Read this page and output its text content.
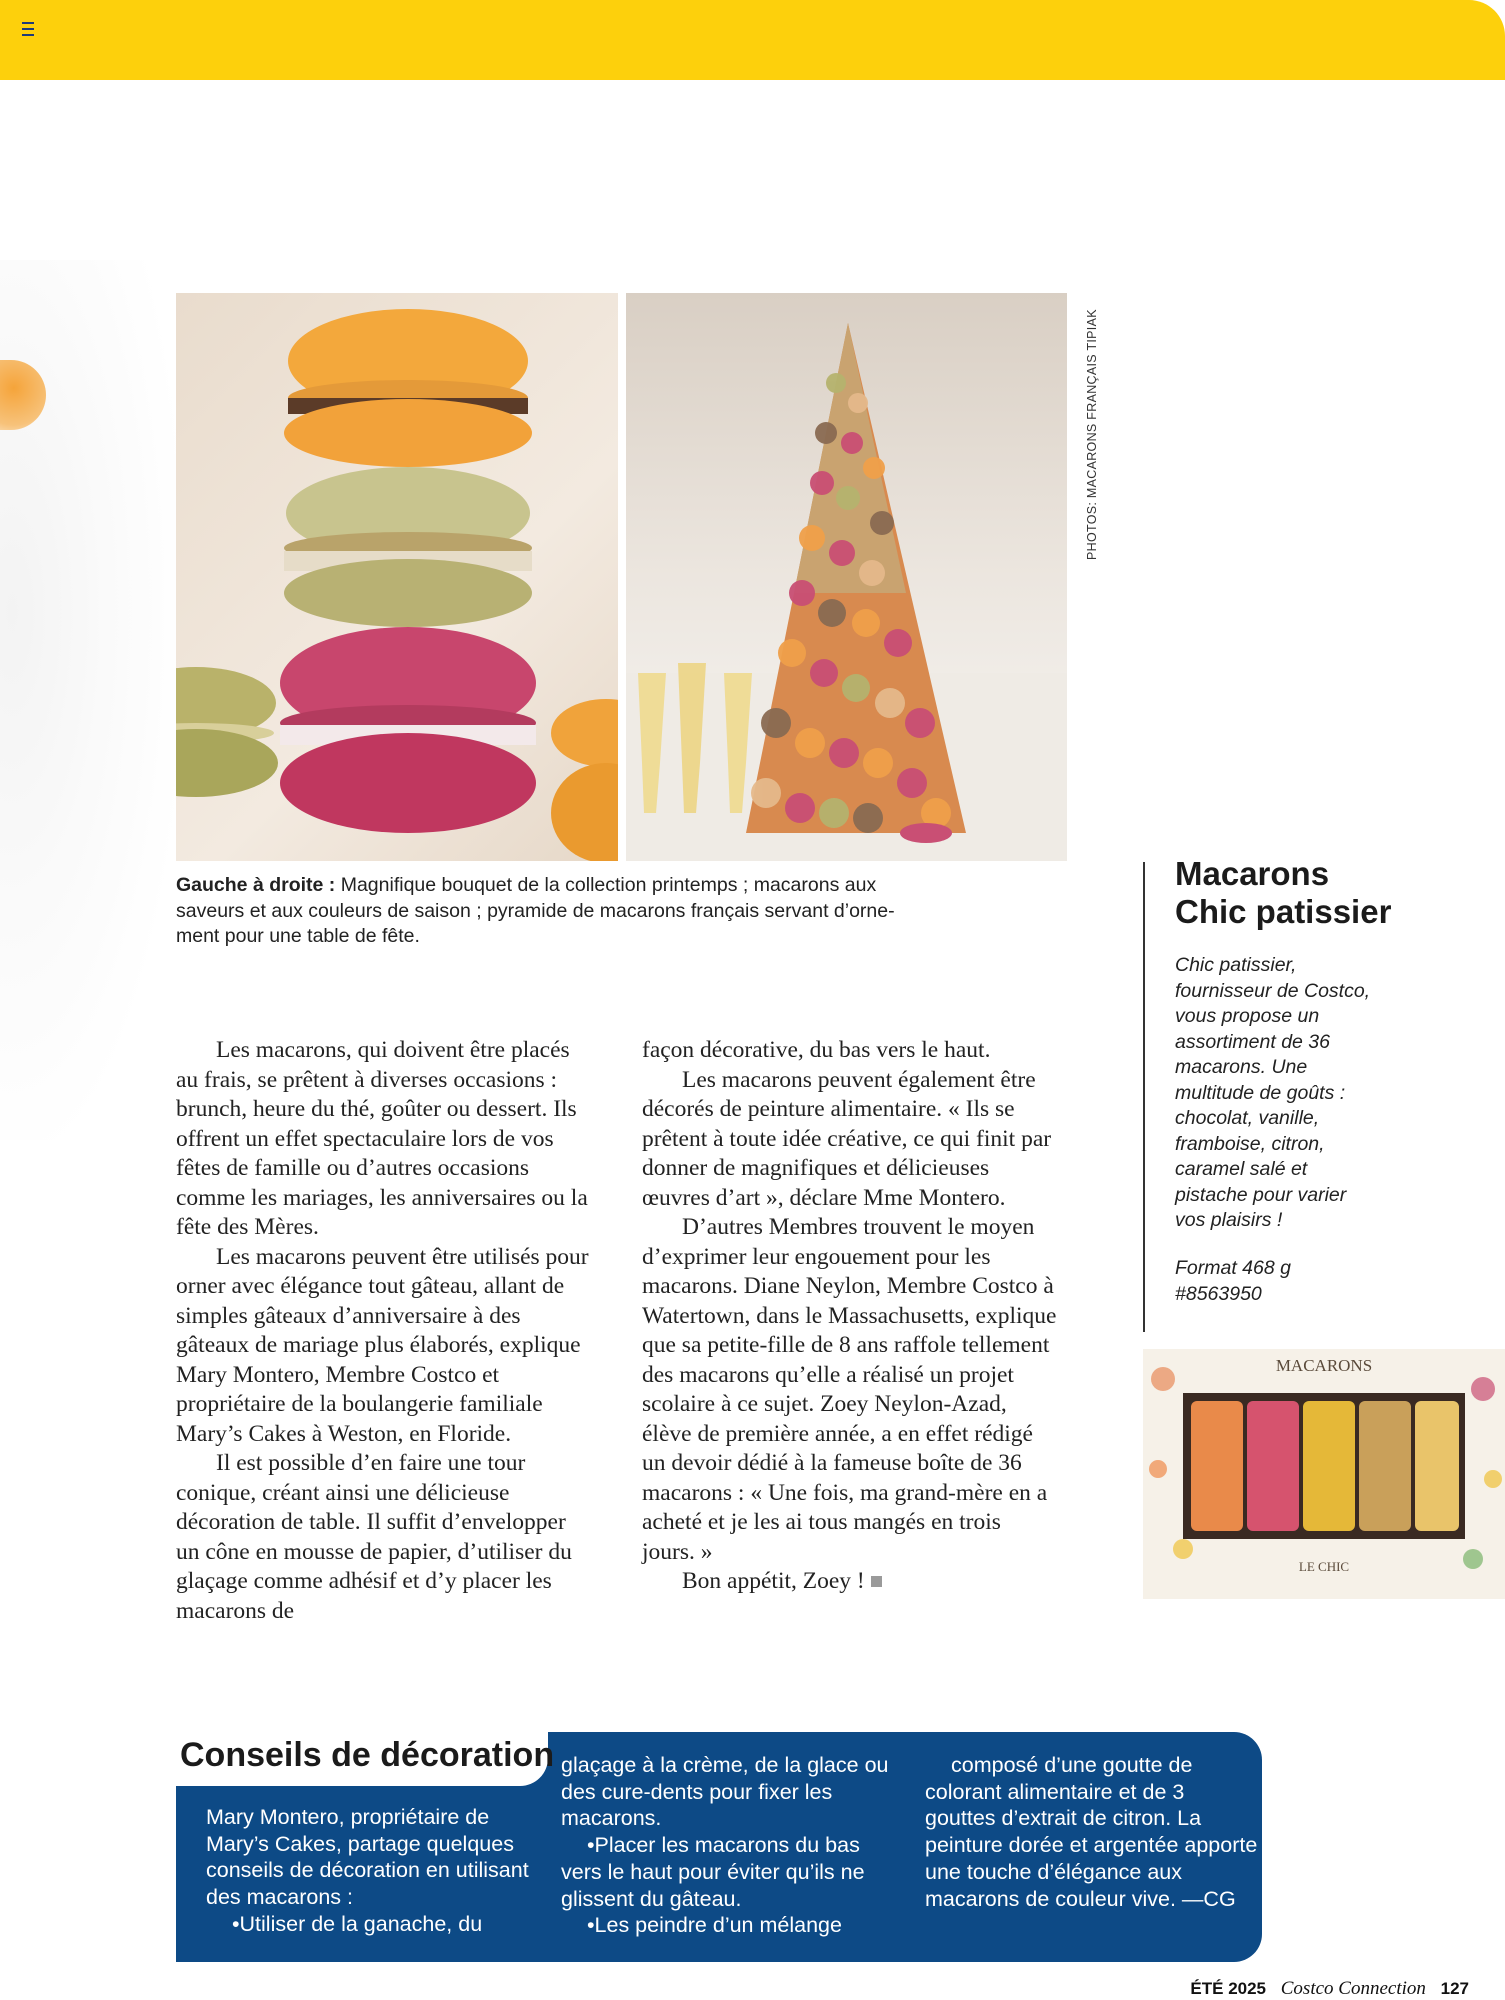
PHOTOS: MACARONS FRANÇAIS TIPIAK
Gauche à droite : Magnifique bouquet de la collection printemps ; macarons aux
saveurs et aux couleurs de saison ; pyramide de macarons français servant d’orne-
ment pour une table de fête.

Les macarons, qui doivent être placés au frais, se prêtent à diverses occasions : brunch, heure du thé, goûter ou dessert. Ils offrent un effet spectaculaire lors de vos fêtes de famille ou d’autres occasions comme les mariages, les anniversaires ou la fête des Mères.

Les macarons peuvent être utilisés pour orner avec élégance tout gâteau, allant de simples gâteaux d’anniversaire à des gâteaux de mariage plus élaborés, explique Mary Montero, Membre Costco et propriétaire de la boulangerie familiale Mary’s Cakes à Weston, en Floride.

Il est possible d’en faire une tour conique, créant ainsi une délicieuse décoration de table. Il suffit d’envelopper un cône en mousse de papier, d’utiliser du glaçage comme adhésif et d’y placer les macarons de

façon décorative, du bas vers le haut.

Les macarons peuvent également être décorés de peinture alimentaire. « Ils se prêtent à toute idée créative, ce qui finit par donner de magnifiques et délicieuses œuvres d’art », déclare Mme Montero.

D’autres Membres trouvent le moyen d’exprimer leur engouement pour les macarons. Diane Neylon, Membre Costco à Watertown, dans le Massachusetts, explique que sa petite-fille de 8 ans raffole tellement des macarons qu’elle a réalisé un projet scolaire à ce sujet. Zoey Neylon-Azad, élève de première année, a en effet rédigé un devoir dédié à la fameuse boîte de 36 macarons : « Une fois, ma grand-mère en a acheté et je les ai tous mangés en trois jours. »

Bon appétit, Zoey !

Macarons
Chic patissier
Chic patissier, fournisseur de Costco, vous propose un assortiment de 36 macarons. Une multitude de goûts : chocolat, vanille, framboise, citron, caramel salé et pistache pour varier vos plaisirs !
Format 468 g
#8563950
MACARONS
LE CHIC
Conseils de décoration

Mary Montero, propriétaire de Mary’s Cakes, partage quelques conseils de décoration en utilisant des macarons :

•Utiliser de la ganache, du

glaçage à la crème, de la glace ou des cure-dents pour fixer les macarons.

•Placer les macarons du bas vers le haut pour éviter qu’ils ne glissent du gâteau.

•Les peindre d’un mélange

composé d’une goutte de colorant alimentaire et de 3 gouttes d’extrait de citron. La peinture dorée et argentée apporte une touche d’élégance aux macarons de couleur vive. —CG

ÉTÉ 2025 Costco Connection 127
